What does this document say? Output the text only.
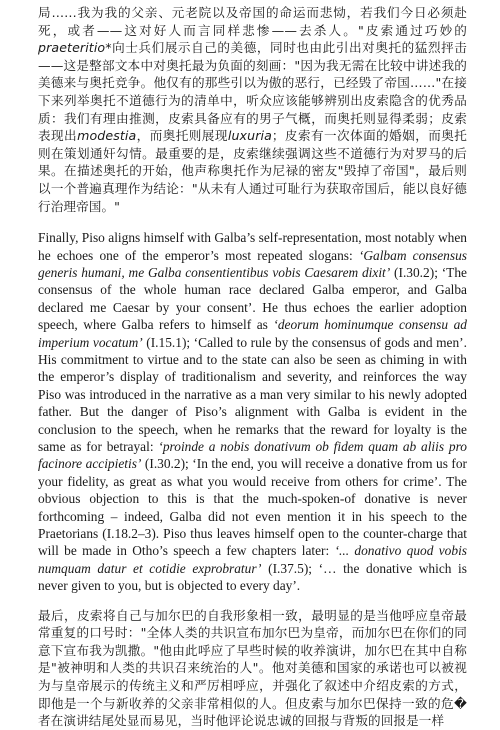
局……我为我的父亲、元老院以及帝国的命运而悲恸，若我们今日必须赴死，或者——这对好人而言同样悲惨——去杀人。"皮索通过巧妙的praeteritio*向士兵们展示自己的美德，同时也由此引出对奥托的猛烈抨击——这是整部文本中对奥托最为负面的刻画："因为我无需在比较中讲述我的美德来与奥托竞争。他仅有的那些引以为傲的恶行，已经毁了帝国……"在接下来列举奥托不道德行为的清单中，听众应该能够辨别出皮索隐含的优秀品质：我们有理由推测，皮索具备应有的男子气概，而奥托则显得柔弱；皮索表现出modestia，而奥托则展现luxuria；皮索有一次体面的婚姻，而奥托则在策划通奸勾情。最重要的是，皮索继续强调这些不道德行为对罗马的后果。在描述奥托的开始，他声称奥托作为尼禄的密友"毁掉了帝国"，最后则以一个普遍真理作为结论："从未有人通过可耻行为获取帝国后，能以良好德行治理帝国。"

Finally, Piso aligns himself with Galba’s self-representation, most notably when he echoes one of the emperor’s most repeated slogans: ‘Galbam consensus generis humani, me Galba consentientibus vobis Caesarem dixit’ (I.30.2); ‘The consensus of the whole human race declared Galba emperor, and Galba declared me Caesar by your consent’. He thus echoes the earlier adoption speech, where Galba refers to himself as ‘deorum hominumque consensu ad imperium vocatum’ (I.15.1); ‘Called to rule by the consensus of gods and men’. His commitment to virtue and to the state can also be seen as chiming in with the emperor’s display of traditionalism and severity, and reinforces the way Piso was introduced in the narrative as a man very similar to his newly adopted father. But the danger of Piso’s alignment with Galba is evident in the conclusion to the speech, when he remarks that the reward for loyalty is the same as for betrayal: ‘proinde a nobis donativum ob fidem quam ab aliis pro facinore accipietis’ (I.30.2); ‘In the end, you will receive a donative from us for your fidelity, as great as what you would receive from others for crime’. The obvious objection to this is that the much-spoken-of donative is never forthcoming – indeed, Galba did not even mention it in his speech to the Praetorians (I.18.2–3). Piso thus leaves himself open to the counter-charge that will be made in Otho’s speech a few chapters later: ‘... donativo quod vobis numquam datur et cotidie exprobratur’ (I.37.5); ‘… the donative which is never given to you, but is objected to every day’.

最后，皮索将自己与加尔巴的自我形象相一致，最明显的是当他呼应皇帝最常重复的口号时："全体人类的共识宣布加尔巴为皇帝，而加尔巴在你们的同意下宣布我为凯撒。"他由此呼应了早些时候的收养演讲，加尔巴在其中自称是"被神明和人类的共识召来统治的人"。他对美德和国家的承诺也可以被视为与皇帝展示的传统主义和严厉相呼应，并强化了叙述中介绍皮索的方式，即他是一个与新收养的父亲非常相似的人。但皮索与加尔巴保持一致的危�者在演讲结尾处显而易见，当时他评论说忠诚的回报与背叛的回报是一样
